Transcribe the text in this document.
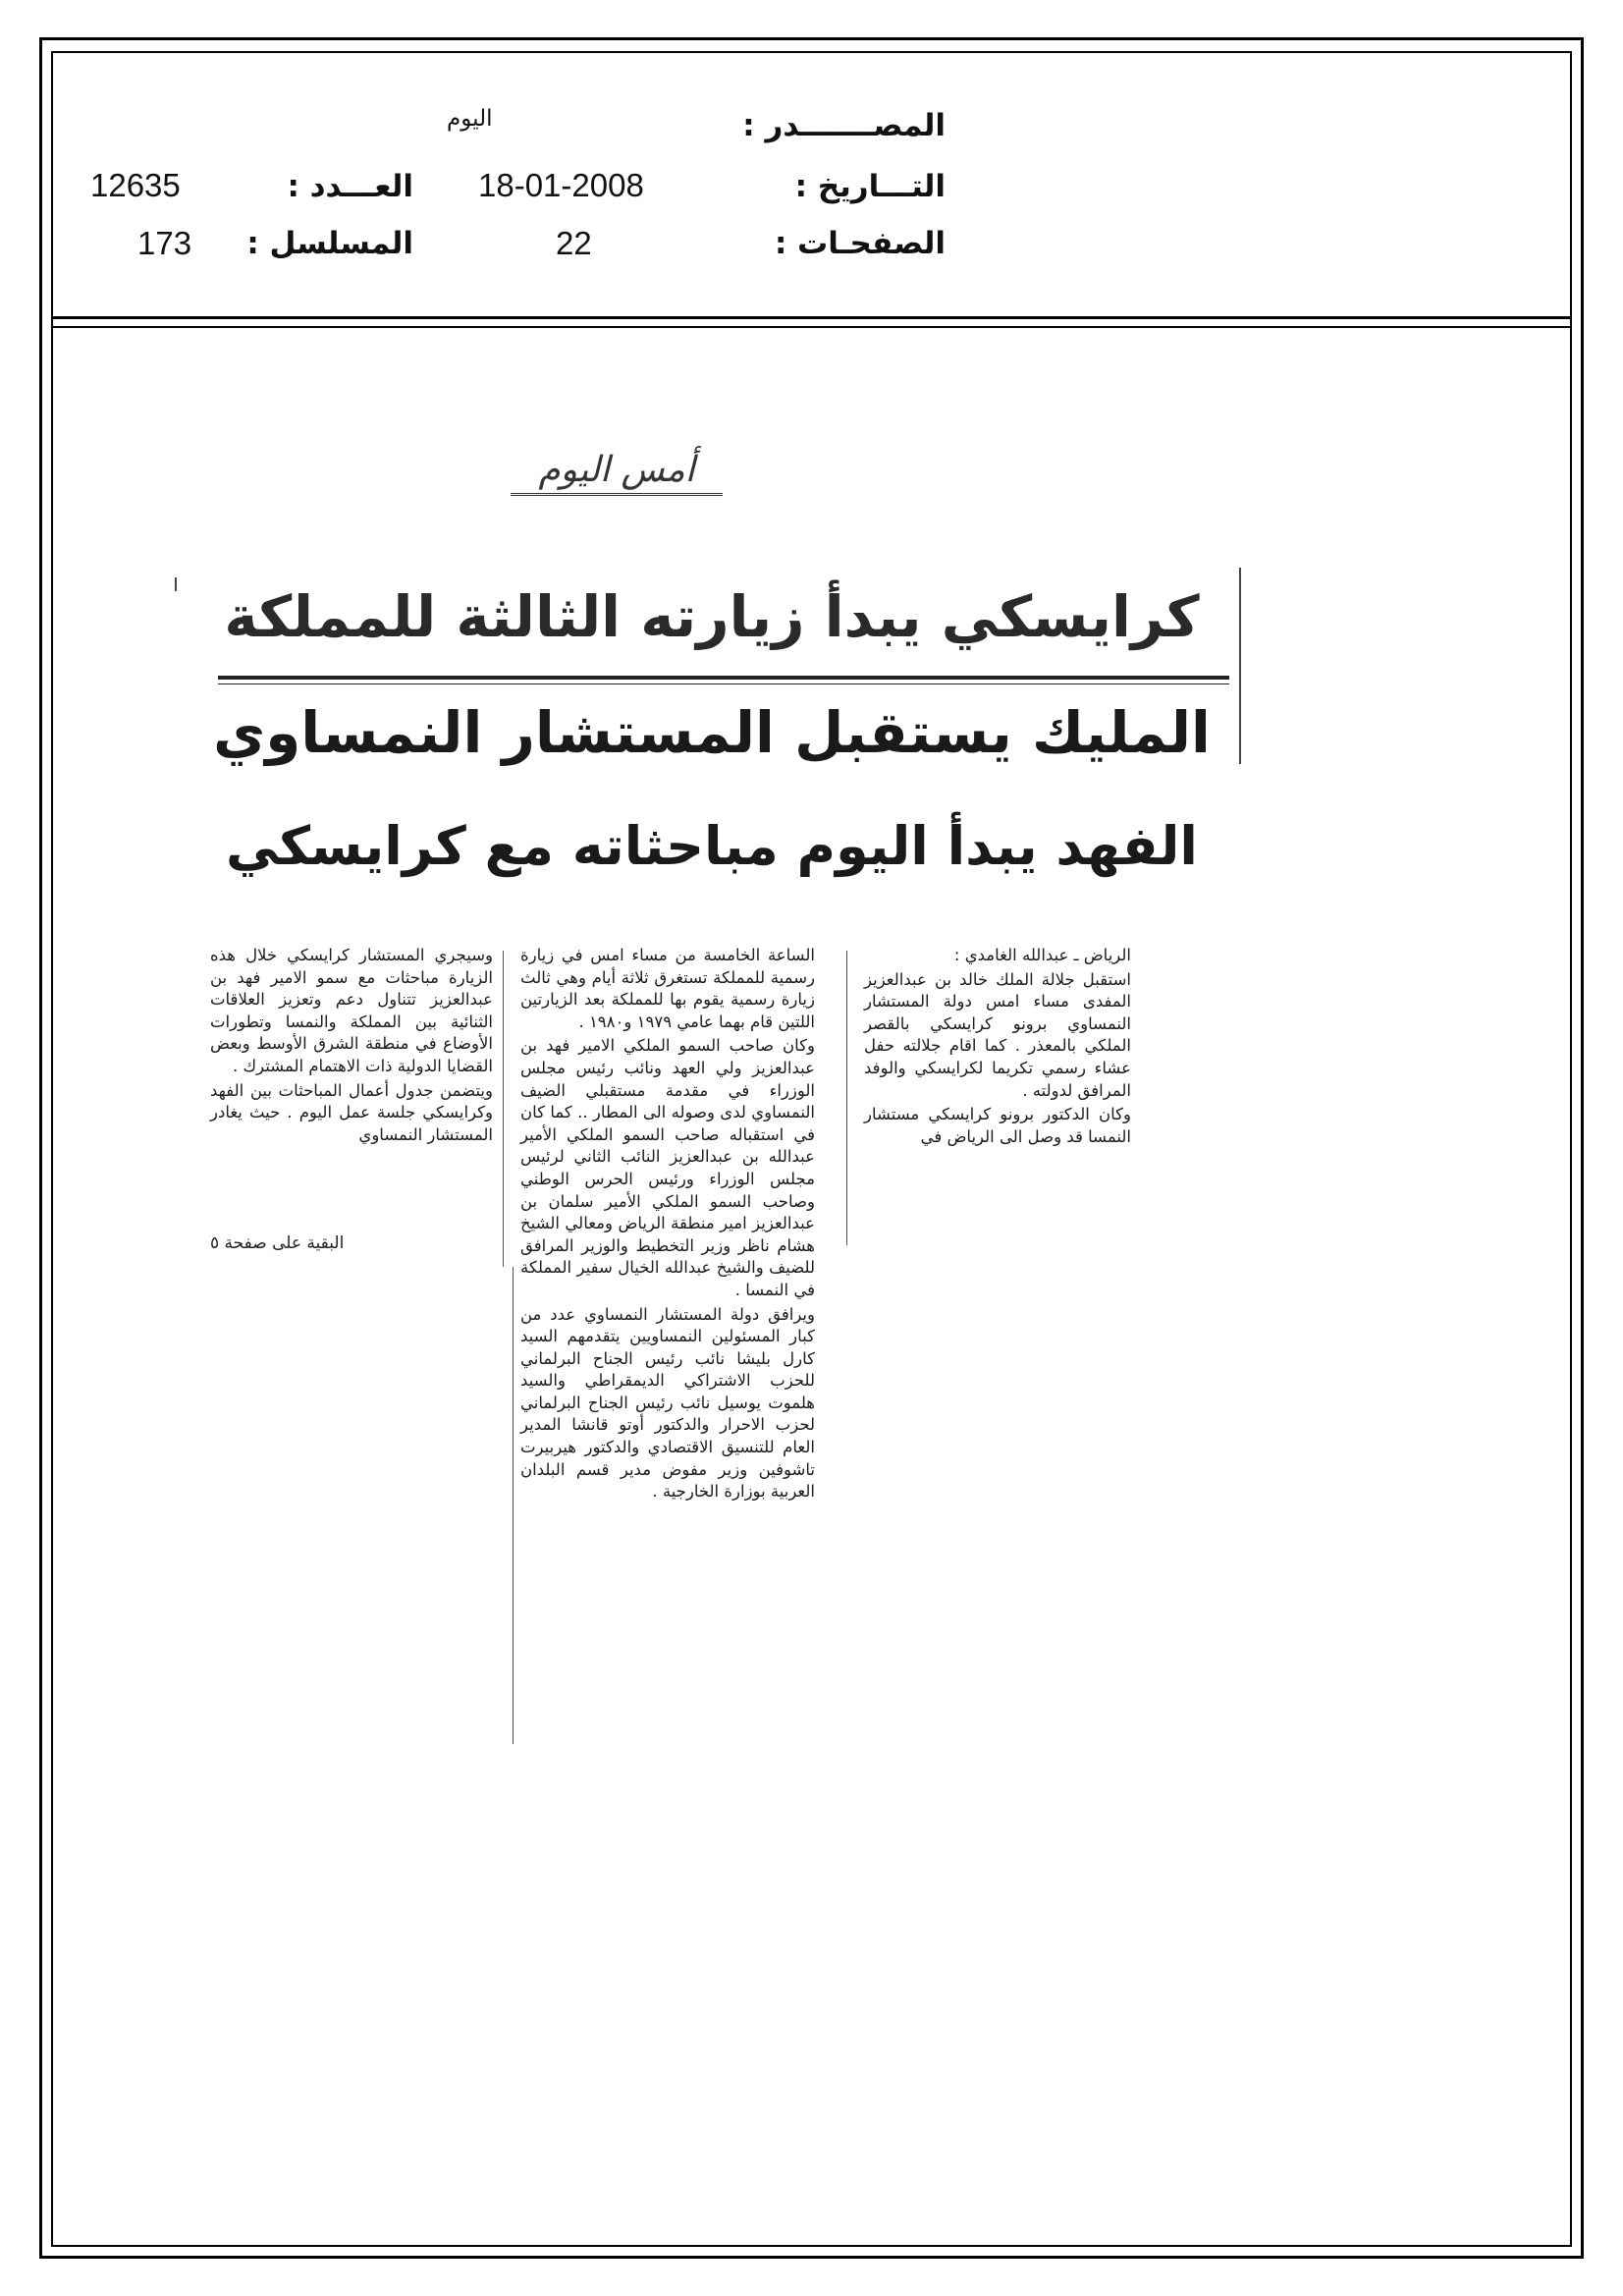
المصـــــــدر :
اليوم
التـــاريخ :
18-01-2008
الصفحـات :
22
العـــدد :
12635
المسلسل :
173
أمس اليوم
كرايسكي يبدأ زيارته الثالثة للمملكة
المليك يستقبل المستشار النمساوي
الفهد يبدأ اليوم مباحثاته مع كرايسكي

الرياض ـ عبدالله الغامدي :

استقبل جلالة الملك خالد بن عبدالعزيز المفدى مساء امس دولة المستشار النمساوي برونو كرايسكي بالقصر الملكي بالمعذر . كما اقام جلالته حفل عشاء رسمي تكريما لكرايسكي والوفد المرافق لدولته .

وكان الدكتور برونو كرايسكي مستشار النمسا قد وصل الى الرياض في

الساعة الخامسة من مساء امس في زيارة رسمية للمملكة تستغرق ثلاثة أيام وهي ثالث زيارة رسمية يقوم بها للمملكة بعد الزيارتين اللتين قام بهما عامي ١٩٧٩ و١٩٨٠ .

وكان صاحب السمو الملكي الامير فهد بن عبدالعزيز ولي العهد ونائب رئيس مجلس الوزراء في مقدمة مستقبلي الضيف النمساوي لدى وصوله الى المطار .. كما كان في استقباله صاحب السمو الملكي الأمير عبدالله بن عبدالعزيز النائب الثاني لرئيس مجلس الوزراء ورئيس الحرس الوطني وصاحب السمو الملكي الأمير سلمان بن عبدالعزيز امير منطقة الرياض ومعالي الشيخ هشام ناظر وزير التخطيط والوزير المرافق للضيف والشيخ عبدالله الخيال سفير المملكة في النمسا .

ويرافق دولة المستشار النمساوي عدد من كبار المسئولين النمساويين يتقدمهم السيد كارل بليشا نائب رئيس الجناح البرلماني للحزب الاشتراكي الديمقراطي والسيد هلموت يوسيل نائب رئيس الجناح البرلماني لحزب الاحرار والدكتور أوتو قانشا المدير العام للتنسيق الاقتصادي والدكتور هيربيرت تاشوفين وزير مفوض مدير قسم البلدان العربية بوزارة الخارجية .

وسيجري المستشار كرايسكي خلال هذه الزيارة مباحثات مع سمو الامير فهد بن عبدالعزيز تتناول دعم وتعزيز العلاقات الثنائية بين المملكة والنمسا وتطورات الأوضاع في منطقة الشرق الأوسط وبعض القضايا الدولية ذات الاهتمام المشترك .

ويتضمن جدول أعمال المباحثات بين الفهد وكرايسكي جلسة عمل اليوم . حيث يغادر المستشار النمساوي

البقية على صفحة ٥
